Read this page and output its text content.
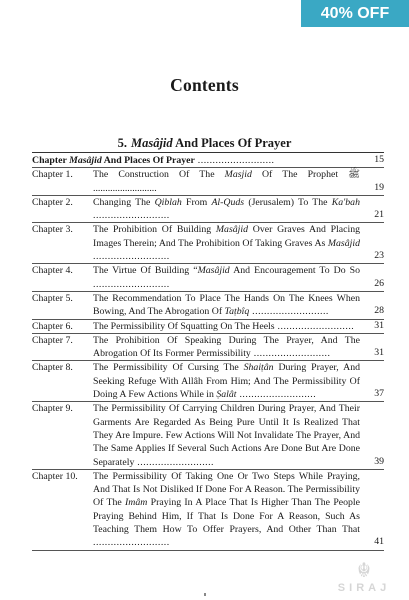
40% OFF
Contents
5. Masâjid And Places Of Prayer
Chapter Masâjid And Places Of Prayer ..........................	15
Chapter 1.	The Construction Of The Masjid Of The Prophet ﷺ ..........................	19
Chapter 2.	Changing The Qiblah From Al-Quds (Jerusalem) To The Ka'bah ..........................	21
Chapter 3.	The Prohibition Of Building Masâjid Over Graves And Placing Images Therein; And The Prohibition Of Taking Graves As Masâjid ..........................	23
Chapter 4.	The Virtue Of Building “Masâjid And Encouragement To Do So ..........................	26
Chapter 5.	The Recommendation To Place The Hands On The Knees When Bowing, And The Abrogation Of Taṭbîq ..........................	28
Chapter 6.	The Permissibility Of Squatting On The Heels ..........................	31
Chapter 7.	The Prohibition Of Speaking During The Prayer, And The Abrogation Of Its Former Permissibility ..........................	31
Chapter 8.	The Permissibility Of Cursing The Shaiṭân During Prayer, And Seeking Refuge With Allâh From Him; And The Permissibility Of Doing A Few Actions While in Ṣalât ..........................	37
Chapter 9.	The Permissibility Of Carrying Children During Prayer, And Their Garments Are Regarded As Being Pure Until It Is Realized That They Are Impure. Few Actions Will Not Invalidate The Prayer, And The Same Applies If Several Such Actions Are Done But Are Done Separately ..........................	39
Chapter 10.	The Permissibility Of Taking One Or Two Steps While Praying, And That Is Not Disliked If Done For A Reason. The Permissibility Of The Imâm Praying In A Place That Is Higher Than The People Praying Behind Him, If That Is Done For A Reason, Such As Teaching Them How To Offer Prayers, And Other Than That ..........................	41
☬
SIRAJ
